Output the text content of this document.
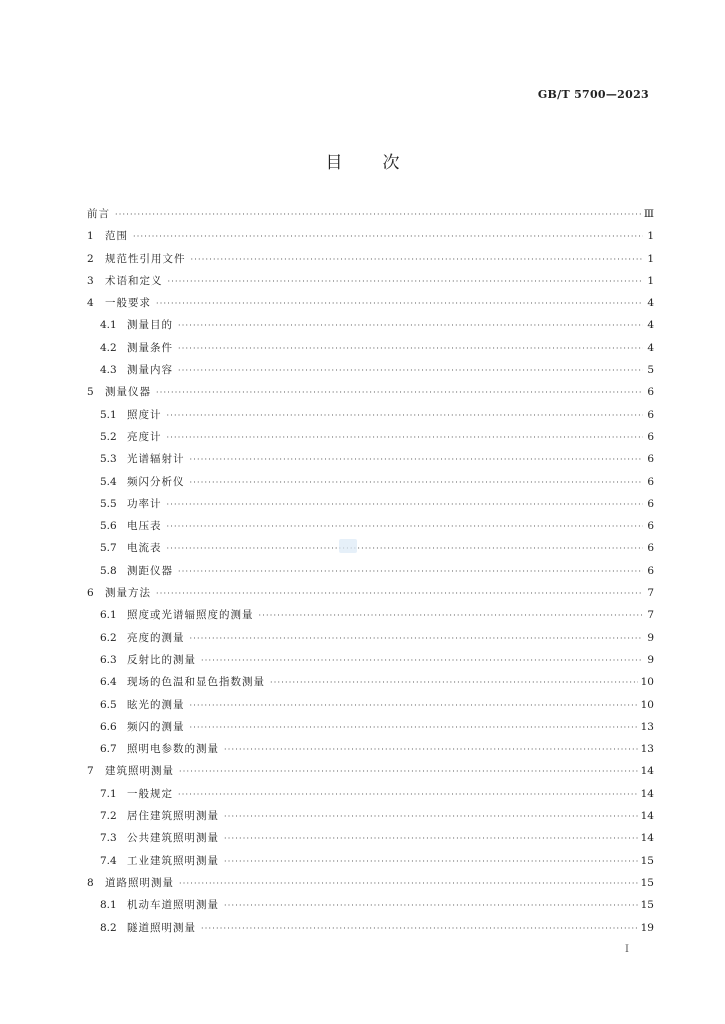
GB/T 5700—2023
目次
前言 ·····	Ⅲ
1	范围 ·····	1
2	规范性引用文件 ·····	1
3	术语和定义 ·····	1
4	一般要求 ·····	4
4.1 测量目的 ·····	4
4.2 测量条件 ·····	4
4.3 测量内容 ·····	5
5	测量仪器 ·····	6
5.1 照度计 ·····	6
5.2 亮度计 ·····	6
5.3 光谱辐射计 ·····	6
5.4 频闪分析仪 ·····	6
5.5 功率计 ·····	6
5.6 电压表 ·····	6
5.7 电流表 ·····	6
5.8 测距仪器 ·····	6
6	测量方法 ·····	7
6.1 照度或光谱辐照度的测量 ·····	7
6.2 亮度的测量 ·····	9
6.3 反射比的测量 ·····	9
6.4 现场的色温和显色指数测量 ·····	10
6.5 眩光的测量 ·····	10
6.6 频闪的测量 ·····	13
6.7 照明电参数的测量 ·····	13
7	建筑照明测量 ·····	14
7.1 一般规定 ·····	14
7.2 居住建筑照明测量 ·····	14
7.3 公共建筑照明测量 ·····	14
7.4 工业建筑照明测量 ·····	15
8	道路照明测量 ·····	15
8.1 机动车道照明测量 ·····	15
8.2 隧道照明测量 ·····	19
I
